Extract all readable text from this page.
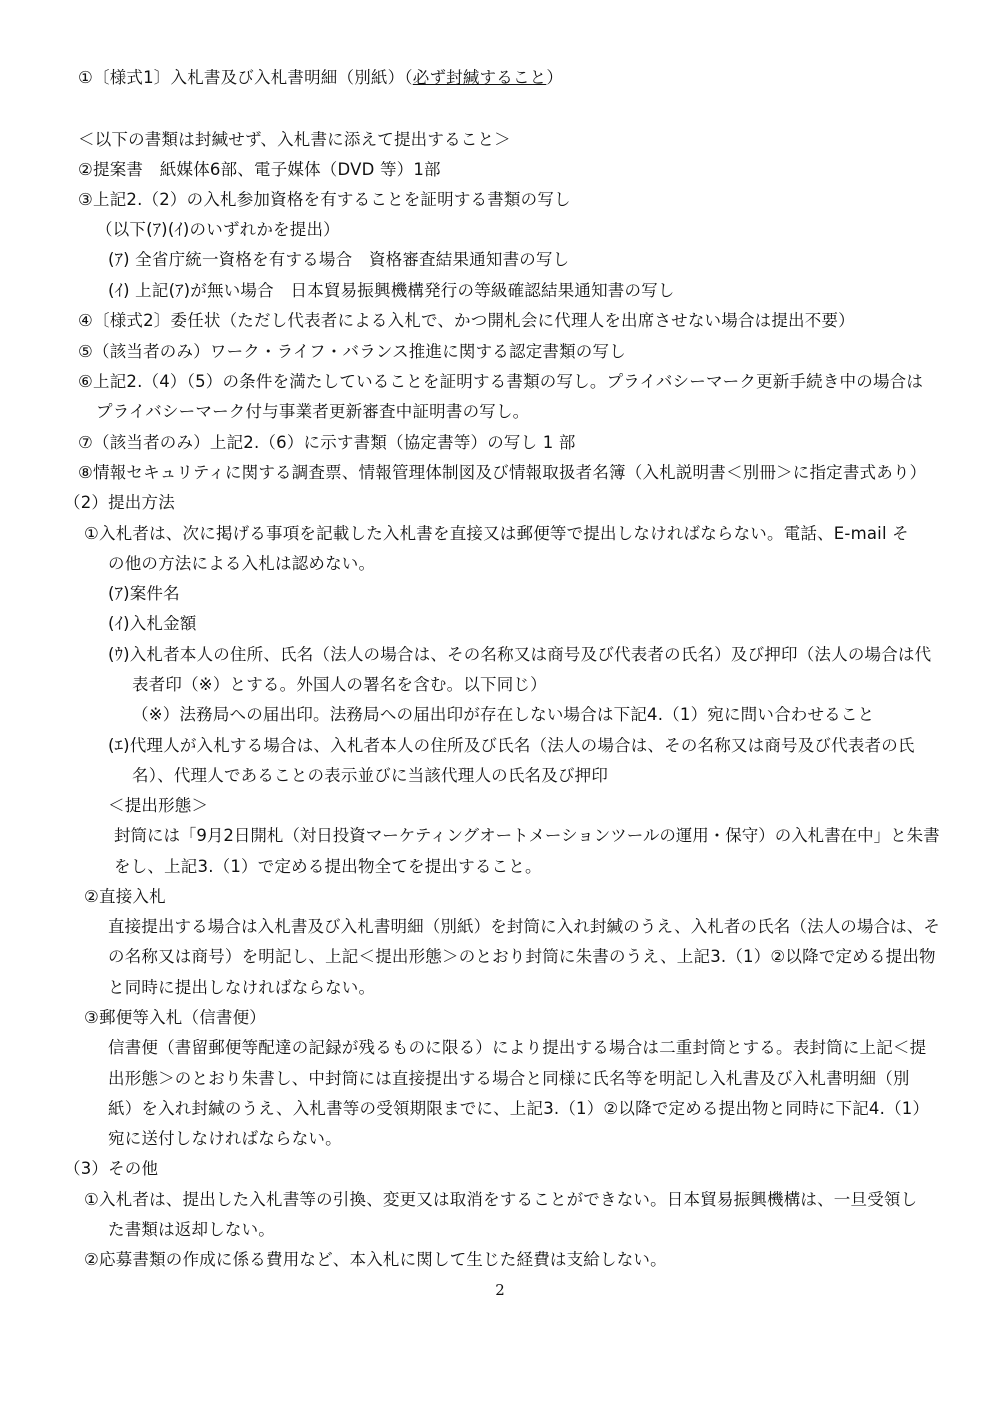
①〔様式1〕入札書及び入札書明細（別紙）（必ず封緘すること）
＜以下の書類は封緘せず、入札書に添えて提出すること＞
②提案書　紙媒体6部、電子媒体（DVD 等）1部
③上記2.（2）の入札参加資格を有することを証明する書類の写し
（以下(ｱ)(ｲ)のいずれかを提出）
(ｱ) 全省庁統一資格を有する場合　資格審査結果通知書の写し
(ｲ) 上記(ｱ)が無い場合　日本貿易振興機構発行の等級確認結果通知書の写し
④〔様式2〕委任状（ただし代表者による入札で、かつ開札会に代理人を出席させない場合は提出不要）
⑤（該当者のみ）ワーク・ライフ・バランス推進に関する認定書類の写し
⑥上記2.（4）（5）の条件を満たしていることを証明する書類の写し。プライバシーマーク更新手続き中の場合は
プライバシーマーク付与事業者更新審査中証明書の写し。
⑦（該当者のみ）上記2.（6）に示す書類（協定書等）の写し 1 部
⑧情報セキュリティに関する調査票、情報管理体制図及び情報取扱者名簿（入札説明書＜別冊＞に指定書式あり）
（2）提出方法
①入札者は、次に掲げる事項を記載した入札書を直接又は郵便等で提出しなければならない。電話、E-mail そ
の他の方法による入札は認めない。
(ｱ)案件名
(ｲ)入札金額
(ｳ)入札者本人の住所、氏名（法人の場合は、その名称又は商号及び代表者の氏名）及び押印（法人の場合は代
表者印（※）とする。外国人の署名を含む。以下同じ）
（※）法務局への届出印。法務局への届出印が存在しない場合は下記4.（1）宛に問い合わせること
(ｴ)代理人が入札する場合は、入札者本人の住所及び氏名（法人の場合は、その名称又は商号及び代表者の氏
名）、代理人であることの表示並びに当該代理人の氏名及び押印
＜提出形態＞
封筒には「9月2日開札（対日投資マーケティングオートメーションツールの運用・保守）の入札書在中」と朱書
をし、上記3.（1）で定める提出物全てを提出すること。
②直接入札
直接提出する場合は入札書及び入札書明細（別紙）を封筒に入れ封緘のうえ、入札者の氏名（法人の場合は、そ
の名称又は商号）を明記し、上記＜提出形態＞のとおり封筒に朱書のうえ、上記3.（1）②以降で定める提出物
と同時に提出しなければならない。
③郵便等入札（信書便）
信書便（書留郵便等配達の記録が残るものに限る）により提出する場合は二重封筒とする。表封筒に上記＜提
出形態＞のとおり朱書し、中封筒には直接提出する場合と同様に氏名等を明記し入札書及び入札書明細（別
紙）を入れ封緘のうえ、入札書等の受領期限までに、上記3.（1）②以降で定める提出物と同時に下記4.（1）
宛に送付しなければならない。
（3）その他
①入札者は、提出した入札書等の引換、変更又は取消をすることができない。日本貿易振興機構は、一旦受領し
た書類は返却しない。
②応募書類の作成に係る費用など、本入札に関して生じた経費は支給しない。
2
